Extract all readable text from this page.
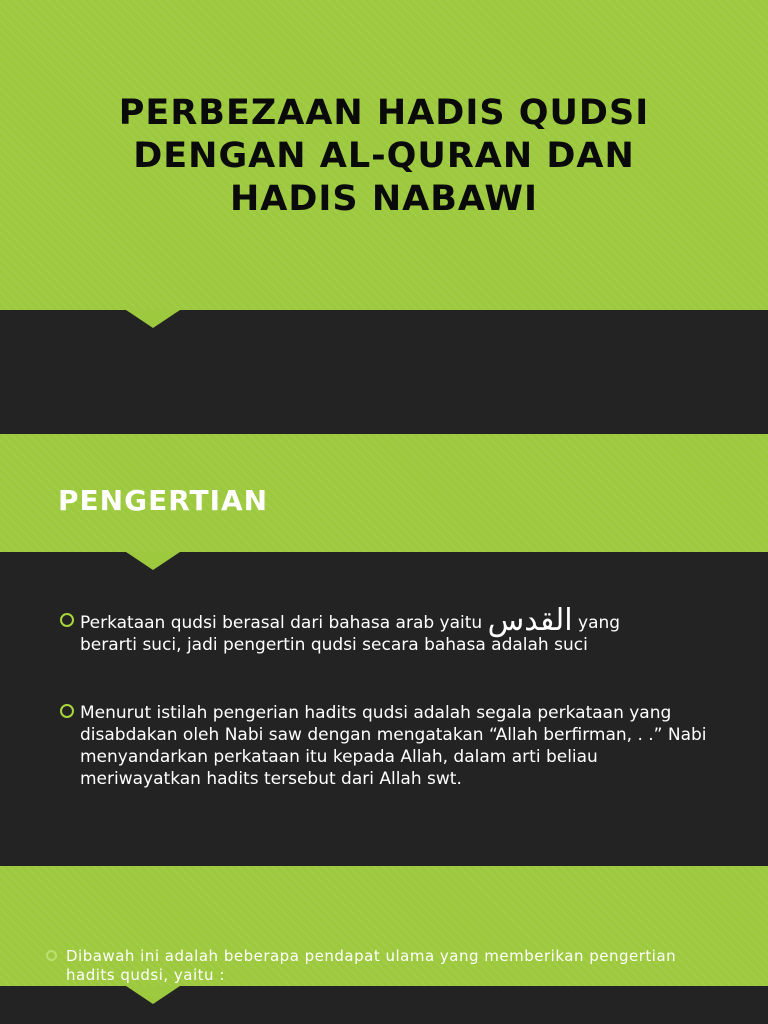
PERBEZAAN HADIS QUDSI
DENGAN AL-QURAN DAN
HADIS NABAWI
PENGERTIAN
Perkataan qudsi berasal dari bahasa arab yaitu القدس yang
berarti suci, jadi pengertin qudsi secara bahasa adalah suci
Menurut istilah pengerian hadits qudsi adalah segala perkataan yang disabdakan oleh Nabi saw dengan mengatakan “Allah berfirman, . .” Nabi menyandarkan perkataan itu kepada Allah, dalam arti beliau meriwayatkan hadits tersebut dari Allah swt.
Dibawah ini adalah beberapa pendapat ulama yang memberikan pengertian hadits qudsi, yaitu :
